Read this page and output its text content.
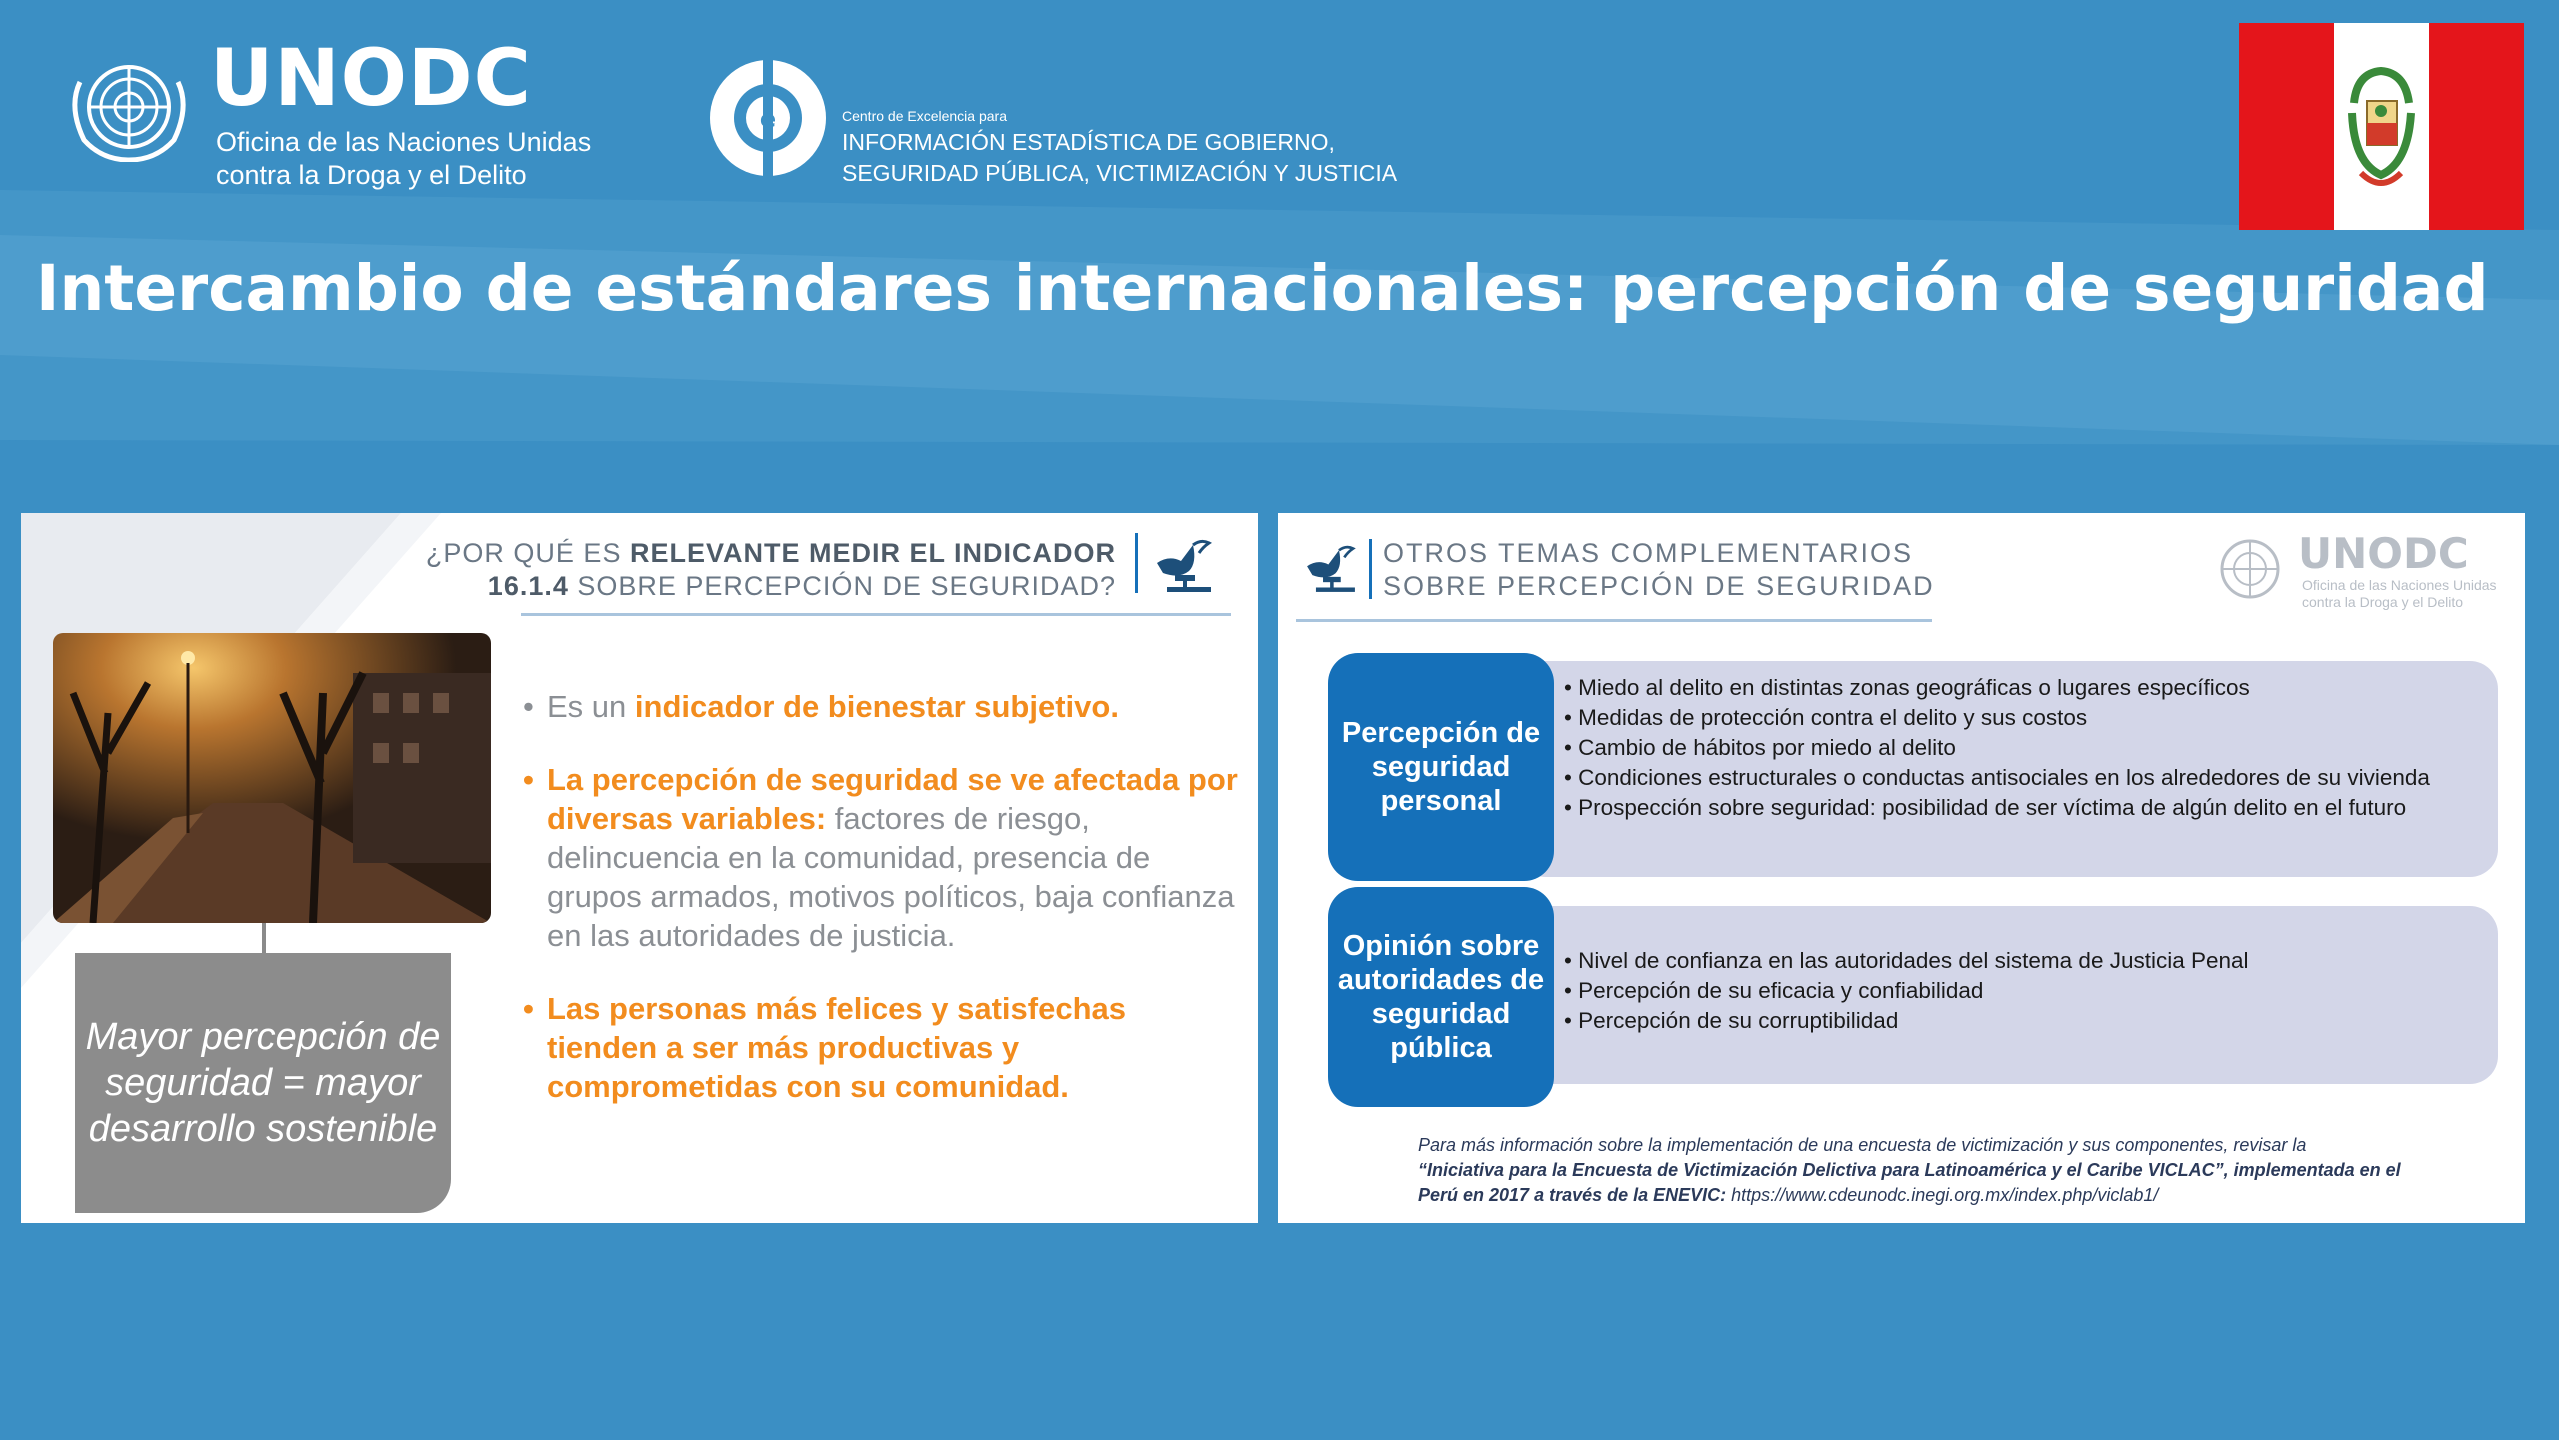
UNODC
Oficina de las Naciones Unidas
contra la Droga y el Delito
e	Centro de Excelencia para
INFORMACIÓN ESTADÍSTICA DE GOBIERNO,
SEGURIDAD PÚBLICA, VICTIMIZACIÓN Y JUSTICIA
Intercambio de estándares internacionales: percepción de seguridad
¿POR QUÉ ES RELEVANTE MEDIR EL INDICADOR
16.1.4 SOBRE PERCEPCIÓN DE SEGURIDAD?
Mayor percepción de seguridad = mayor desarrollo sostenible
• Es un indicador de bienestar subjetivo.
• La percepción de seguridad se ve afectada por diversas variables: factores de riesgo, delincuencia en la comunidad, presencia de grupos armados, motivos políticos, baja confianza en las autoridades de justicia.
• Las personas más felices y satisfechas tienden a ser más productivas y comprometidas con su comunidad.
OTROS TEMAS COMPLEMENTARIOS
SOBRE PERCEPCIÓN DE SEGURIDAD
UNODC
Oficina de las Naciones Unidas
contra la Droga y el Delito
Percepción de seguridad personal
• Miedo al delito en distintas zonas geográficas o lugares específicos
• Medidas de protección contra el delito y sus costos
• Cambio de hábitos por miedo al delito
• Condiciones estructurales o conductas antisociales en los alrededores de su vivienda
• Prospección sobre seguridad: posibilidad de ser víctima de algún delito en el futuro
Opinión sobre autoridades de seguridad pública
• Nivel de confianza en las autoridades del sistema de Justicia Penal
• Percepción de su eficacia y confiabilidad
• Percepción de su corruptibilidad
Para más información sobre la implementación de una encuesta de victimización y sus componentes, revisar la
“Iniciativa para la Encuesta de Victimización Delictiva para Latinoamérica y el Caribe VICLAC”, implementada en el Perú en 2017 a través de la ENEVIC: https://www.cdeunodc.inegi.org.mx/index.php/viclab1/
